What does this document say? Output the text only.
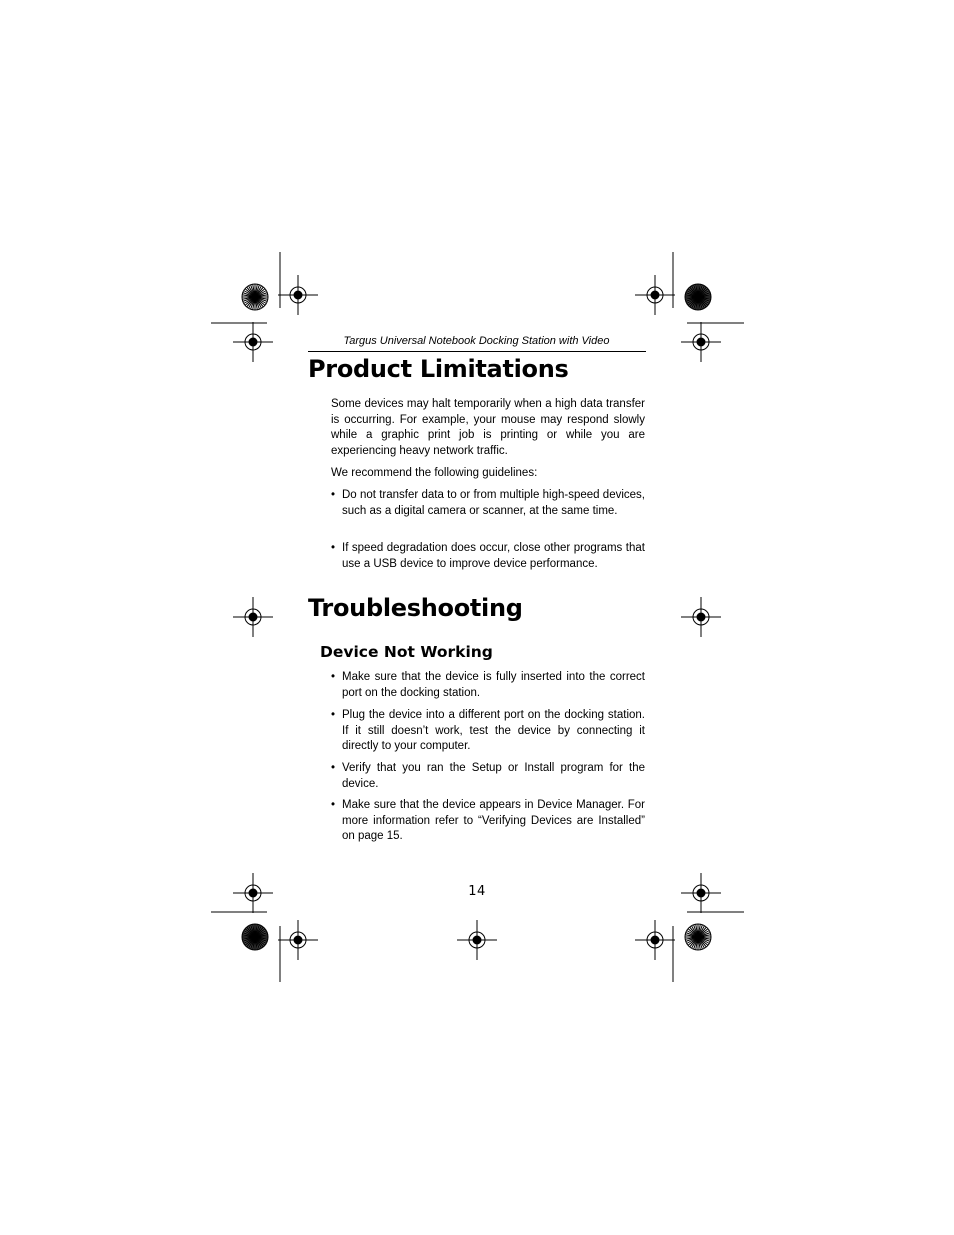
Targus Universal Notebook Docking Station with Video
Product Limitations

Some devices may halt temporarily when a high data transfer is occurring. For example, your mouse may respond slowly while a graphic print job is printing or while you are experiencing heavy network traffic.

We recommend the following guidelines:

• Do not transfer data to or from multiple high-speed devices, such as a digital camera or scanner, at the same time.
• If speed degradation does occur, close other programs that use a USB device to improve device performance.
Troubleshooting
Device Not Working
• Make sure that the device is fully inserted into the correct port on the docking station.
• Plug the device into a different port on the docking station. If it still doesn’t work, test the device by connecting it directly to your computer.
• Verify that you ran the Setup or Install program for the device.
• Make sure that the device appears in Device Manager. For more information refer to “Verifying Devices are Installed” on page 15.
14
